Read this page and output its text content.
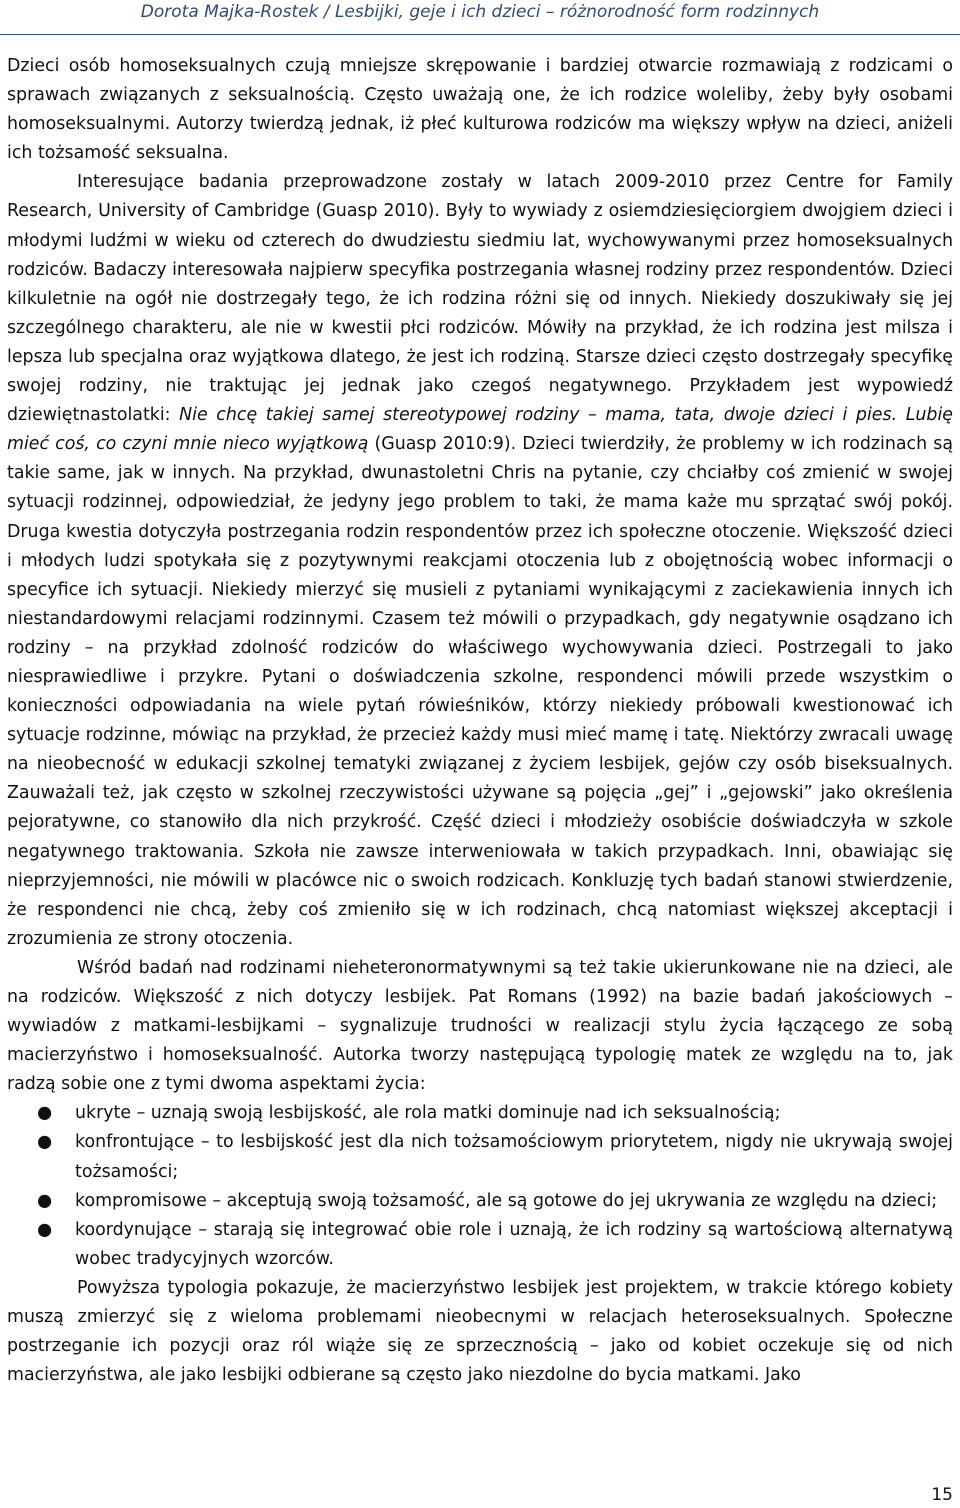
Dorota Majka-Rostek / Lesbijki, geje i ich dzieci – różnorodność form rodzinnych

Dzieci osób homoseksualnych czują mniejsze skrępowanie i bardziej otwarcie rozmawiają z rodzicami o sprawach związanych z seksualnością. Często uważają one, że ich rodzice woleliby, żeby były osobami homoseksualnymi. Autorzy twierdzą jednak, iż płeć kulturowa rodziców ma większy wpływ na dzieci, aniżeli ich tożsamość seksualna.

Interesujące badania przeprowadzone zostały w latach 2009-2010 przez Centre for Family Research, University of Cambridge (Guasp 2010). Były to wywiady z osiemdziesięciorgiem dwojgiem dzieci i młodymi ludźmi w wieku od czterech do dwudziestu siedmiu lat, wychowywanymi przez homoseksualnych rodziców. Badaczy interesowała najpierw specyfika postrzegania własnej rodziny przez respondentów. Dzieci kilkuletnie na ogół nie dostrzegały tego, że ich rodzina różni się od innych. Niekiedy doszukiwały się jej szczególnego charakteru, ale nie w kwestii płci rodziców. Mówiły na przykład, że ich rodzina jest milsza i lepsza lub specjalna oraz wyjątkowa dlatego, że jest ich rodziną. Starsze dzieci często dostrzegały specyfikę swojej rodziny, nie traktując jej jednak jako czegoś negatywnego. Przykładem jest wypowiedź dziewiętnastolatki: Nie chcę takiej samej stereotypowej rodziny – mama, tata, dwoje dzieci i pies. Lubię mieć coś, co czyni mnie nieco wyjątkową (Guasp 2010:9). Dzieci twierdziły, że problemy w ich rodzinach są takie same, jak w innych. Na przykład, dwunastoletni Chris na pytanie, czy chciałby coś zmienić w swojej sytuacji rodzinnej, odpowiedział, że jedyny jego problem to taki, że mama każe mu sprzątać swój pokój. Druga kwestia dotyczyła postrzegania rodzin respondentów przez ich społeczne otoczenie. Większość dzieci i młodych ludzi spotykała się z pozytywnymi reakcjami otoczenia lub z obojętnością wobec informacji o specyfice ich sytuacji. Niekiedy mierzyć się musieli z pytaniami wynikającymi z zaciekawienia innych ich niestandardowymi relacjami rodzinnymi. Czasem też mówili o przypadkach, gdy negatywnie osądzano ich rodziny – na przykład zdolność rodziców do właściwego wychowywania dzieci. Postrzegali to jako niesprawiedliwe i przykre. Pytani o doświadczenia szkolne, respondenci mówili przede wszystkim o konieczności odpowiadania na wiele pytań rówieśników, którzy niekiedy próbowali kwestionować ich sytuacje rodzinne, mówiąc na przykład, że przecież każdy musi mieć mamę i tatę. Niektórzy zwracali uwagę na nieobecność w edukacji szkolnej tematyki związanej z życiem lesbijek, gejów czy osób biseksualnych. Zauważali też, jak często w szkolnej rzeczywistości używane są pojęcia „gej” i „gejowski” jako określenia pejoratywne, co stanowiło dla nich przykrość. Część dzieci i młodzieży osobiście doświadczyła w szkole negatywnego traktowania. Szkoła nie zawsze interweniowała w takich przypadkach. Inni, obawiając się nieprzyjemności, nie mówili w placówce nic o swoich rodzicach. Konkluzję tych badań stanowi stwierdzenie, że respondenci nie chcą, żeby coś zmieniło się w ich rodzinach, chcą natomiast większej akceptacji i zrozumienia ze strony otoczenia.

Wśród badań nad rodzinami nieheteronormatywnymi są też takie ukierunkowane nie na dzieci, ale na rodziców. Większość z nich dotyczy lesbijek. Pat Romans (1992) na bazie badań jakościowych – wywiadów z matkami-lesbijkami – sygnalizuje trudności w realizacji stylu życia łączącego ze sobą macierzyństwo i homoseksualność. Autorka tworzy następującą typologię matek ze względu na to, jak radzą sobie one z tymi dwoma aspektami życia:

● ukryte – uznają swoją lesbijskość, ale rola matki dominuje nad ich seksualnością;
● konfrontujące – to lesbijskość jest dla nich tożsamościowym priorytetem, nigdy nie ukrywają swojej tożsamości;
● kompromisowe – akceptują swoją tożsamość, ale są gotowe do jej ukrywania ze względu na dzieci;
● koordynujące – starają się integrować obie role i uznają, że ich rodziny są wartościową alternatywą wobec tradycyjnych wzorców.

Powyższa typologia pokazuje, że macierzyństwo lesbijek jest projektem, w trakcie którego kobiety muszą zmierzyć się z wieloma problemami nieobecnymi w relacjach heteroseksualnych. Społeczne postrzeganie ich pozycji oraz ról wiąże się ze sprzecznością – jako od kobiet oczekuje się od nich macierzyństwa, ale jako lesbijki odbierane są często jako niezdolne do bycia matkami. Jako

15
